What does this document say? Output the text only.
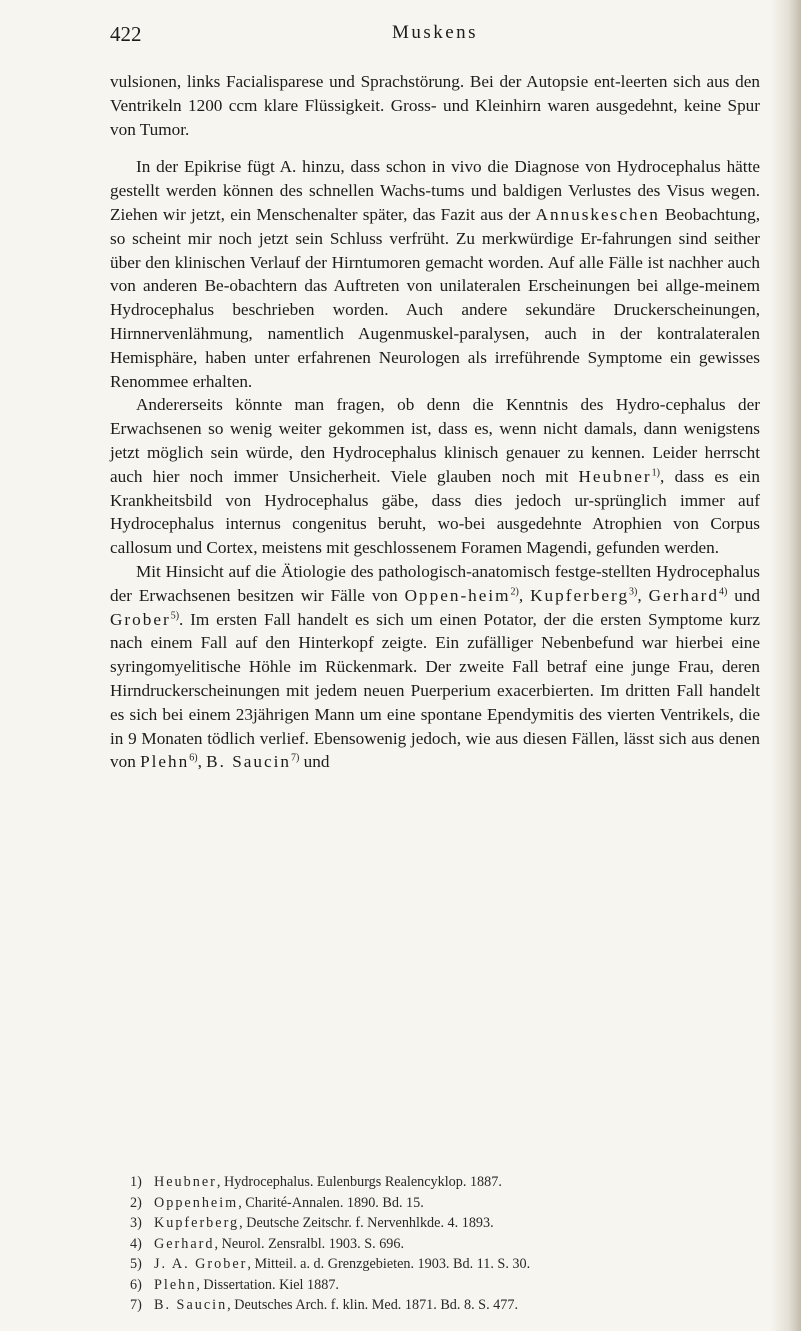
422	Muskens

vulsionen, links Facialisparese und Sprachstörung. Bei der Autopsie ent-leerten sich aus den Ventrikeln 1200 ccm klare Flüssigkeit. Gross- und Kleinhirn waren ausgedehnt, keine Spur von Tumor.

In der Epikrise fügt A. hinzu, dass schon in vivo die Diagnose von Hydrocephalus hätte gestellt werden können des schnellen Wachs-tums und baldigen Verlustes des Visus wegen. Ziehen wir jetzt, ein Menschenalter später, das Fazit aus der Annuskeschen Beobachtung, so scheint mir noch jetzt sein Schluss verfrüht. Zu merkwürdige Er-fahrungen sind seither über den klinischen Verlauf der Hirntumoren gemacht worden. Auf alle Fälle ist nachher auch von anderen Be-obachtern das Auftreten von unilateralen Erscheinungen bei allge-meinem Hydrocephalus beschrieben worden. Auch andere sekundäre Druckerscheinungen, Hirnnervenlähmung, namentlich Augenmuskel-paralysen, auch in der kontralateralen Hemisphäre, haben unter erfahrenen Neurologen als irreführende Symptome ein gewisses Renommee erhalten.

Andererseits könnte man fragen, ob denn die Kenntnis des Hydro-cephalus der Erwachsenen so wenig weiter gekommen ist, dass es, wenn nicht damals, dann wenigstens jetzt möglich sein würde, den Hydrocephalus klinisch genauer zu kennen. Leider herrscht auch hier noch immer Unsicherheit. Viele glauben noch mit Heubner$^{1)}$, dass es ein Krankheitsbild von Hydrocephalus gäbe, dass dies jedoch ur-sprünglich immer auf Hydrocephalus internus congenitus beruht, wo-bei ausgedehnte Atrophien von Corpus callosum und Cortex, meistens mit geschlossenem Foramen Magendi, gefunden werden.

Mit Hinsicht auf die Ätiologie des pathologisch-anatomisch festge-stellten Hydrocephalus der Erwachsenen besitzen wir Fälle von Oppen-heim$^{2)}$, Kupferberg$^{3)}$, Gerhard$^{4)}$ und Grober$^{5)}$. Im ersten Fall handelt es sich um einen Potator, der die ersten Symptome kurz nach einem Fall auf den Hinterkopf zeigte. Ein zufälliger Nebenbefund war hierbei eine syringomyelitische Höhle im Rückenmark. Der zweite Fall betraf eine junge Frau, deren Hirndruckerscheinungen mit jedem neuen Puerperium exacerbierten. Im dritten Fall handelt es sich bei einem 23jährigen Mann um eine spontane Ependymitis des vierten Ventrikels, die in 9 Monaten tödlich verlief. Ebensowenig jedoch, wie aus diesen Fällen, lässt sich aus denen von Plehn$^{6)}$, B. Saucin$^{7)}$ und

1) Heubner, Hydrocephalus. Eulenburgs Realencyklop. 1887.
2) Oppenheim, Charité-Annalen. 1890. Bd. 15.
3) Kupferberg, Deutsche Zeitschr. f. Nervenhlkde. 4. 1893.
4) Gerhard, Neurol. Zensralbl. 1903. S. 696.
5) J. A. Grober, Mitteil. a. d. Grenzgebieten. 1903. Bd. 11. S. 30.
6) Plehn, Dissertation. Kiel 1887.
7) B. Saucin, Deutsches Arch. f. klin. Med. 1871. Bd. 8. S. 477.
